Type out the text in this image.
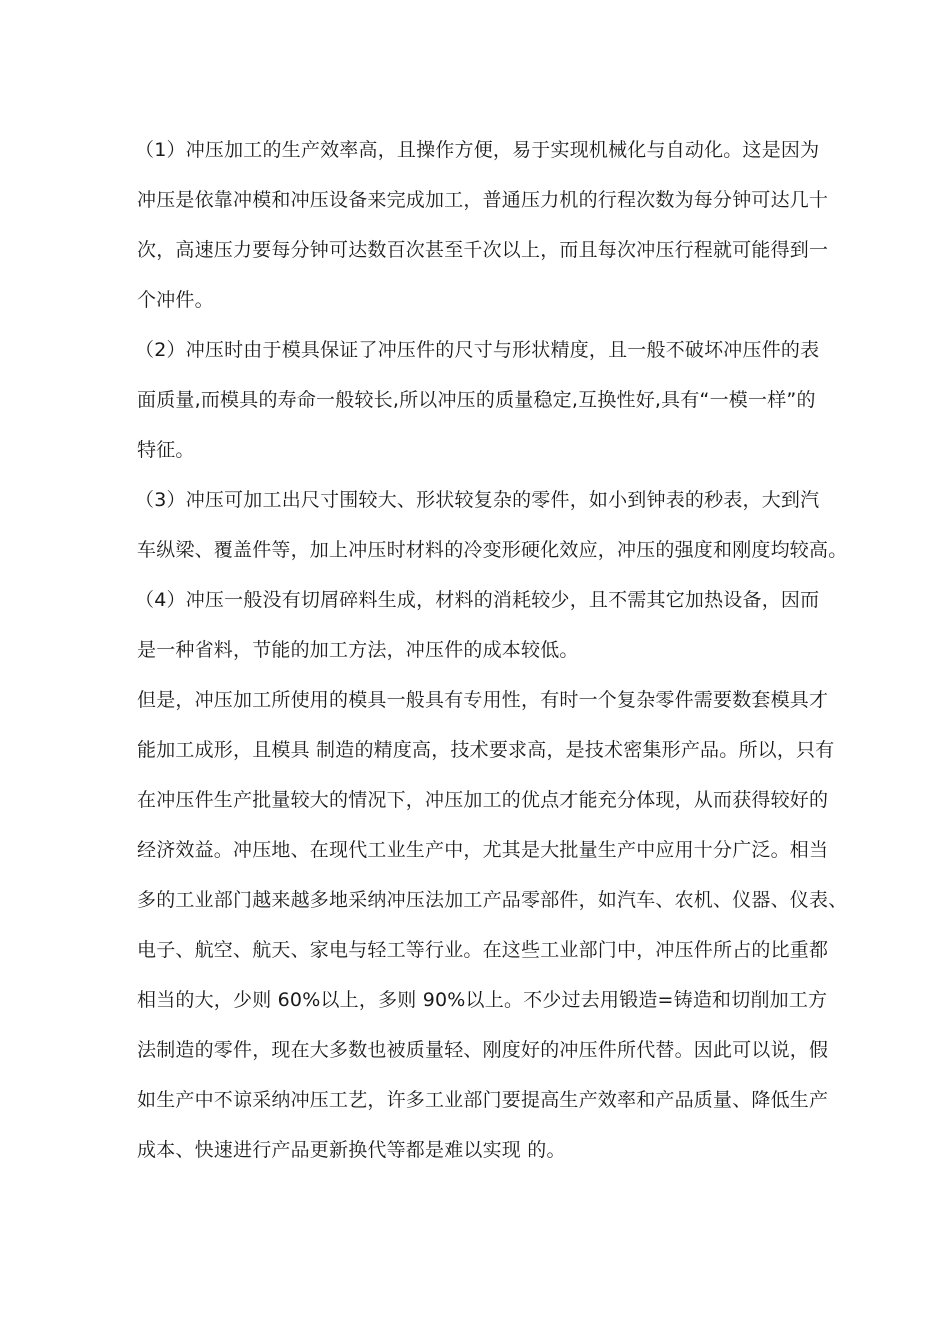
（1）冲压加工的生产效率高，且操作方便，易于实现机械化与自动化。这是因为
冲压是依靠冲模和冲压设备来完成加工，普通压力机的行程次数为每分钟可达几十
次，高速压力要每分钟可达数百次甚至千次以上，而且每次冲压行程就可能得到一
个冲件。
（2）冲压时由于模具保证了冲压件的尺寸与形状精度，且一般不破坏冲压件的表
面质量,而模具的寿命一般较长,所以冲压的质量稳定,互换性好,具有“一模一样”的
特征。
（3）冲压可加工出尺寸围较大、形状较复杂的零件，如小到钟表的秒表，大到汽
车纵梁、覆盖件等，加上冲压时材料的冷变形硬化效应，冲压的强度和刚度均较高。
（4）冲压一般没有切屑碎料生成，材料的消耗较少，且不需其它加热设备，因而
是一种省料，节能的加工方法，冲压件的成本较低。
但是，冲压加工所使用的模具一般具有专用性，有时一个复杂零件需要数套模具才
能加工成形，且模具 制造的精度高，技术要求高，是技术密集形产品。所以，只有
在冲压件生产批量较大的情况下，冲压加工的优点才能充分体现，从而获得较好的
经济效益。冲压地、在现代工业生产中，尤其是大批量生产中应用十分广泛。相当
多的工业部门越来越多地采纳冲压法加工产品零部件，如汽车、农机、仪器、仪表、
电子、航空、航天、家电与轻工等行业。在这些工业部门中，冲压件所占的比重都
相当的大，少则 60%以上，多则 90%以上。不少过去用锻造=铸造和切削加工方
法制造的零件，现在大多数也被质量轻、刚度好的冲压件所代替。因此可以说，假
如生产中不谅采纳冲压工艺，许多工业部门要提高生产效率和产品质量、降低生产
成本、快速进行产品更新换代等都是难以实现 的。
